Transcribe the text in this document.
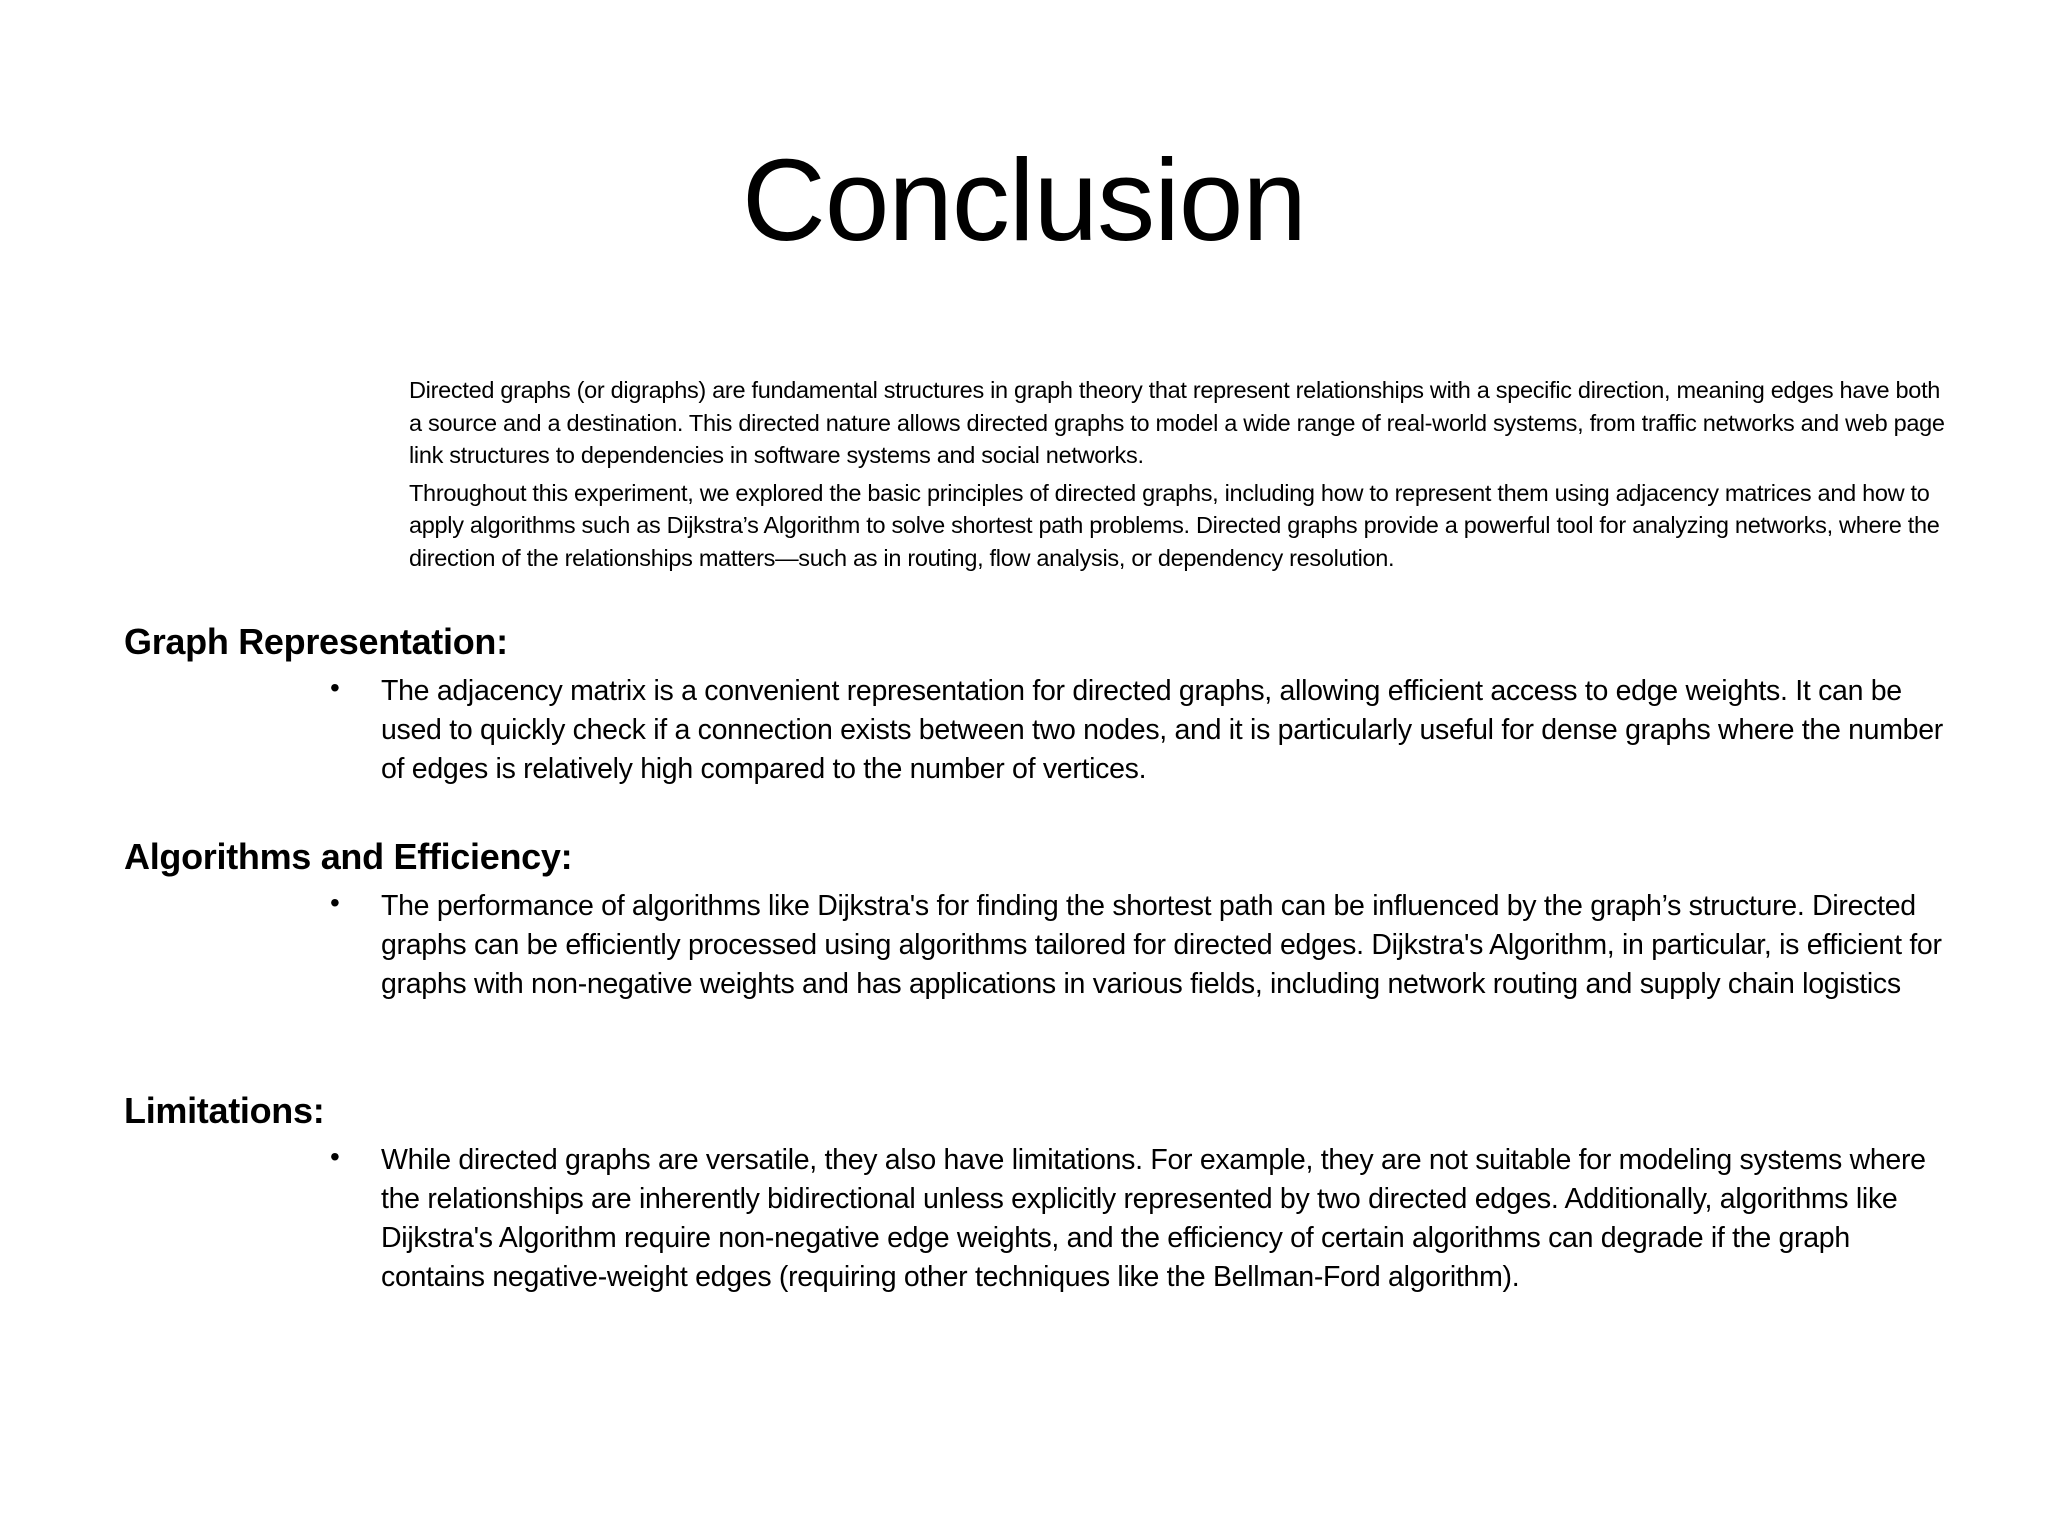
Conclusion

Directed graphs (or digraphs) are fundamental structures in graph theory that represent relationships with a specific direction, meaning edges have both a source and a destination. This directed nature allows directed graphs to model a wide range of real-world systems, from traffic networks and web page link structures to dependencies in software systems and social networks.

Throughout this experiment, we explored the basic principles of directed graphs, including how to represent them using adjacency matrices and how to apply algorithms such as Dijkstra’s Algorithm to solve shortest path problems. Directed graphs provide a powerful tool for analyzing networks, where the direction of the relationships matters—such as in routing, flow analysis, or dependency resolution.

Graph Representation:
• The adjacency matrix is a convenient representation for directed graphs, allowing efficient access to edge weights. It can be used to quickly check if a connection exists between two nodes, and it is particularly useful for dense graphs where the number of edges is relatively high compared to the number of vertices.
Algorithms and Efficiency:
• The performance of algorithms like Dijkstra's for finding the shortest path can be influenced by the graph’s structure. Directed graphs can be efficiently processed using algorithms tailored for directed edges. Dijkstra's Algorithm, in particular, is efficient for graphs with non-negative weights and has applications in various fields, including network routing and supply chain logistics
Limitations:
• While directed graphs are versatile, they also have limitations. For example, they are not suitable for modeling systems where the relationships are inherently bidirectional unless explicitly represented by two directed edges. Additionally, algorithms like Dijkstra's Algorithm require non-negative edge weights, and the efficiency of certain algorithms can degrade if the graph contains negative-weight edges (requiring other techniques like the Bellman-Ford algorithm).
